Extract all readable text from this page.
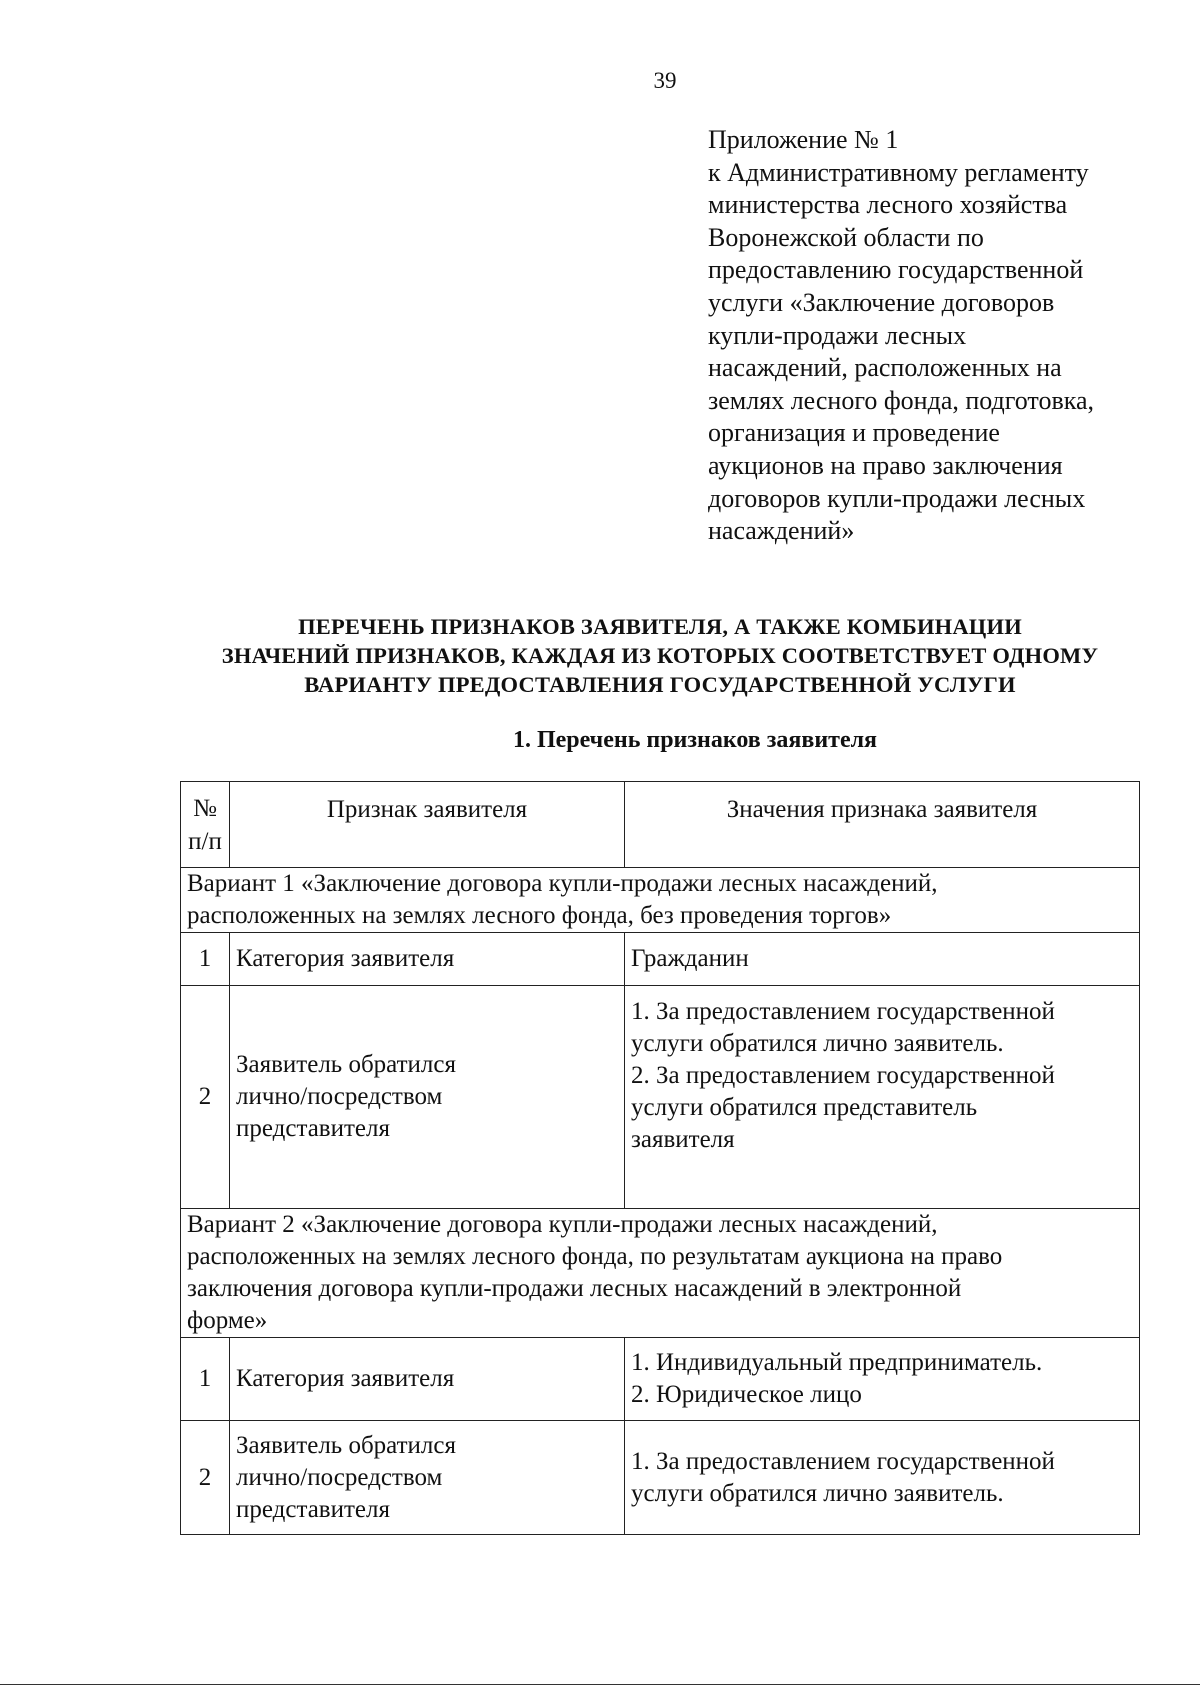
39
Приложение № 1
к Административному регламенту
министерства лесного хозяйства
Воронежской области по
предоставлению государственной
услуги «Заключение договоров
купли-продажи лесных
насаждений, расположенных на
землях лесного фонда, подготовка,
организация и проведение
аукционов на право заключения
договоров купли-продажи лесных
насаждений»
ПЕРЕЧЕНЬ ПРИЗНАКОВ ЗАЯВИТЕЛЯ, А ТАКЖЕ КОМБИНАЦИИ
ЗНАЧЕНИЙ ПРИЗНАКОВ, КАЖДАЯ ИЗ КОТОРЫХ СООТВЕТСТВУЕТ ОДНОМУ
ВАРИАНТУ ПРЕДОСТАВЛЕНИЯ ГОСУДАРСТВЕННОЙ УСЛУГИ
1. Перечень признаков заявителя
№
п/п	Признак заявителя	Значения признака заявителя

Вариант 1 «Заключение договора купли-продажи лесных насаждений,
расположенных на землях лесного фонда, без проведения торгов»		

1	Категория заявителя	Гражданин

2	Заявитель обратился
лично/посредством
представителя	1. За предоставлением государственной
услуги обратился лично заявитель.
2. За предоставлением государственной
услуги обратился представитель
заявителя

Вариант 2 «Заключение договора купли-продажи лесных насаждений,
расположенных на землях лесного фонда, по результатам аукциона на право
заключения договора купли-продажи лесных насаждений в электронной
форме»		

1	Категория заявителя	1. Индивидуальный предприниматель.
2. Юридическое лицо

2	Заявитель обратился
лично/посредством
представителя	1. За предоставлением государственной
услуги обратился лично заявитель.
